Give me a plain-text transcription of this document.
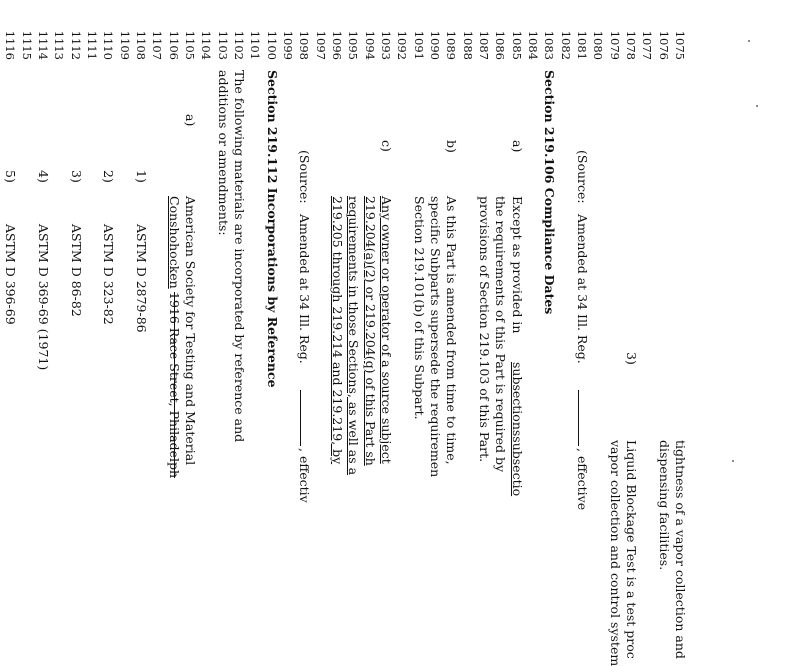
1075
tightness of a vapor collection and
1076
dispensing facilities.
1077
1078
3)
Liquid Blockage Test is a test proc
1079
vapor collection and control system
1080
1081
(Source:
Amended at 34 Ill. Reg.
, effective
1082
1083
Section 219.106 Compliance Dates
1084
1085
a)
Except as provided in
subsectionssubsectio
1086
the requirements of this Part is required by
1087
provisions of Section 219.103 of this Part.
1088
1089
b)
As this Part is amended from time to time,
1090
specific Subparts supersede the requiremen
1091
Section 219.101(b) of this Subpart.
1092
1093
c)
Any owner or operator of a source subject
1094
219.204(a)(2) or 219.204(q) of this Part sh
1095
requirements in those Sections, as well as a
1096
219.205 through 219.214 and 219.219, by
1097
1098
(Source:
Amended at 34 Ill. Reg.
, effectiv
1099
1100
Section 219.112 Incorporations by Reference
1101
1102
The following materials are incorporated by reference and
1103
additions or amendments:
1104
1105
a)
American Society for Testing and Material
1106
Conshohocken
1916 Race Street, Philadelph
1107
1108
1)
ASTM D 2879-86
1109
1110
2)
ASTM D 323-82
1111
1112
3)
ASTM D 86-82
1113
1114
4)
ASTM D 369-69 (1971)
1115
1116
5)
ASTM D 396-69
